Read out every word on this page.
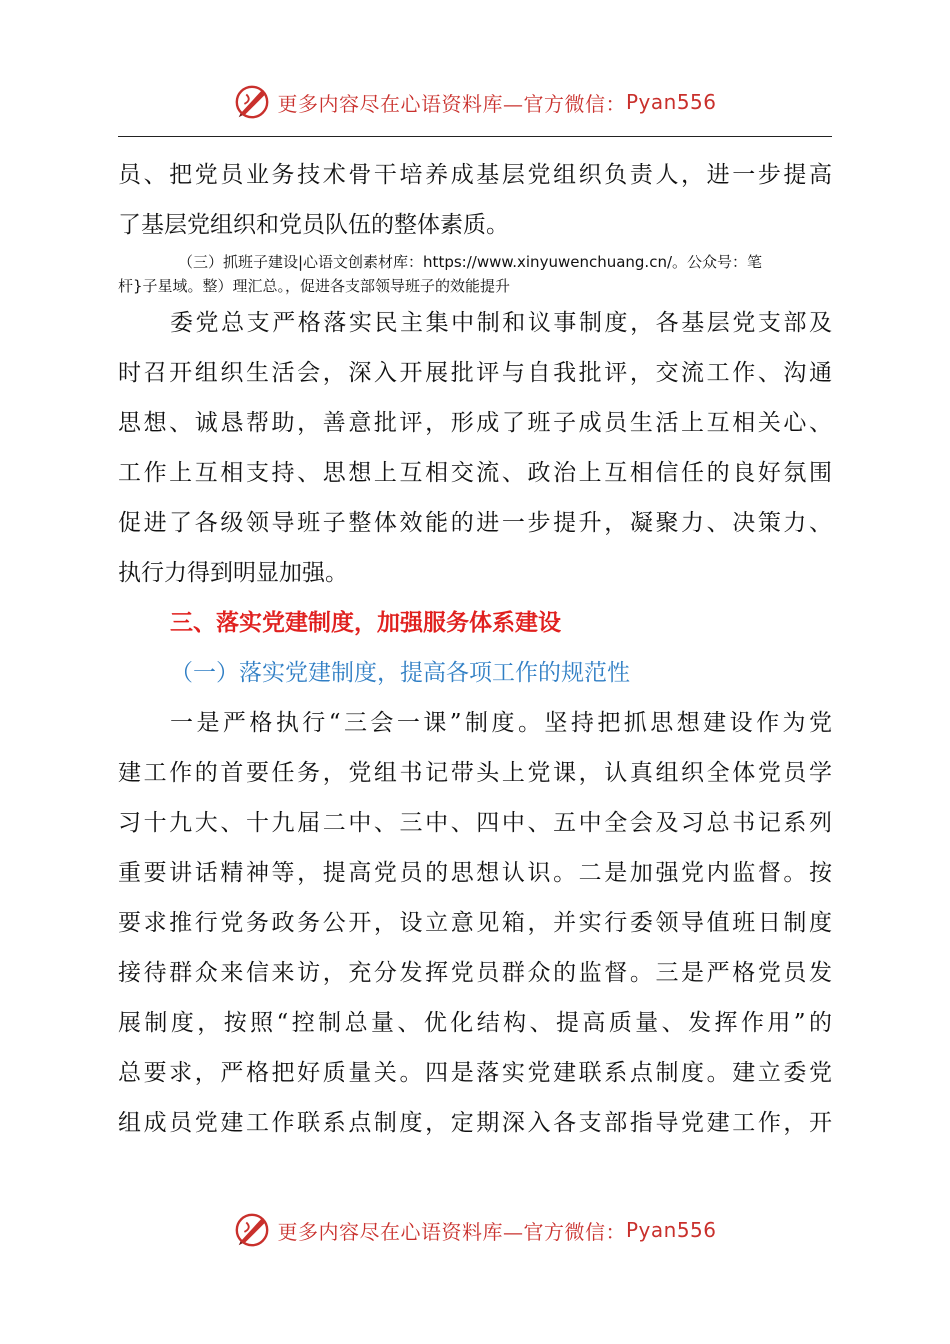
更多内容尽在心语资料库—官方微信： Pyan556
员、把党员业务技术骨干培养成基层党组织负责人，进一步提高
了基层党组织和党员队伍的整体素质。
（三）抓班子建设|心语文创素材库：https://www.xinyuwenchuang.cn/。公众号：笔
杆}子星域。整）理汇总。，促进各支部领导班子的效能提升
委党总支严格落实民主集中制和议事制度，各基层党支部及
时召开组织生活会，深入开展批评与自我批评，交流工作、沟通
思想、诚恳帮助，善意批评，形成了班子成员生活上互相关心、
工作上互相支持、思想上互相交流、政治上互相信任的良好氛围
促进了各级领导班子整体效能的进一步提升，凝聚力、决策力、
执行力得到明显加强。
三、落实党建制度，加强服务体系建设
（一）落实党建制度，提高各项工作的规范性
一是严格执行“三会一课”制度。坚持把抓思想建设作为党
建工作的首要任务，党组书记带头上党课，认真组织全体党员学
习十九大、十九届二中、三中、四中、五中全会及习总书记系列
重要讲话精神等，提高党员的思想认识。二是加强党内监督。按
要求推行党务政务公开，设立意见箱，并实行委领导值班日制度
接待群众来信来访，充分发挥党员群众的监督。三是严格党员发
展制度，按照“控制总量、优化结构、提高质量、发挥作用”的
总要求，严格把好质量关。四是落实党建联系点制度。建立委党
组成员党建工作联系点制度，定期深入各支部指导党建工作，开
更多内容尽在心语资料库—官方微信： Pyan556
